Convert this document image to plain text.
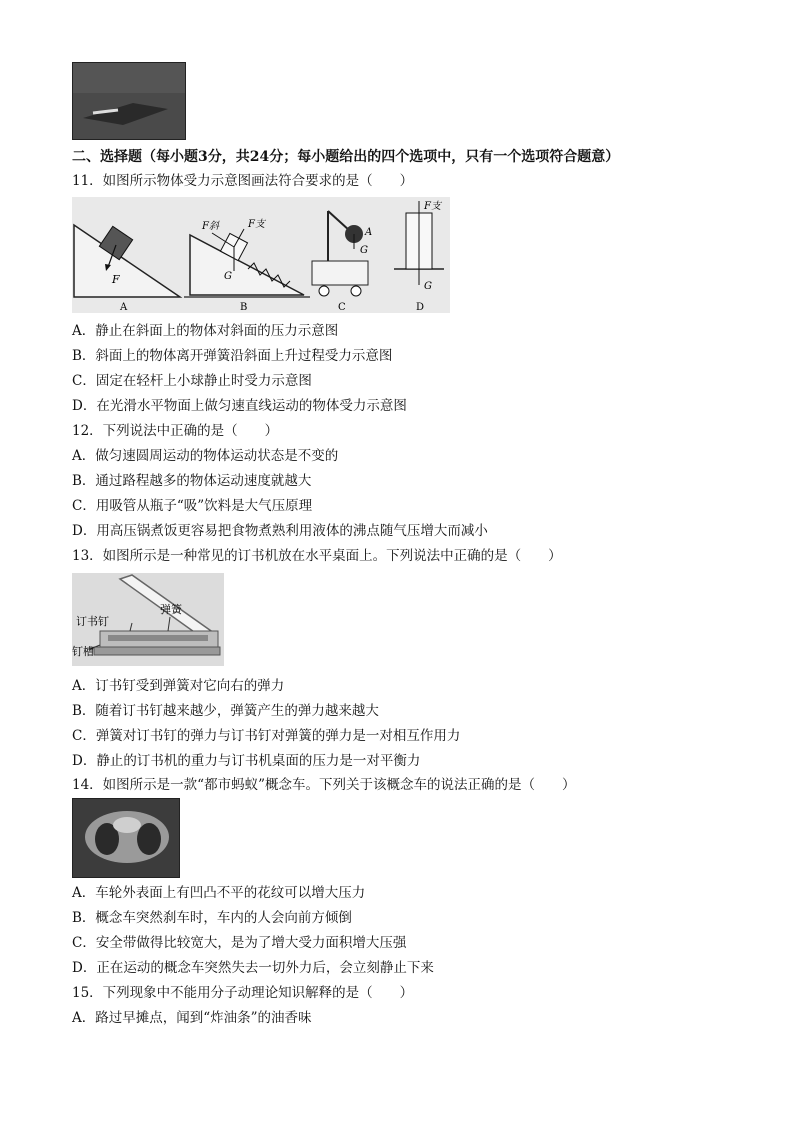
二、选择题（每小题3分，共24分；每小题给出的四个选项中，只有一个选项符合题意）
11．如图所示物体受力示意图画法符合要求的是（　　）
F
A
F斜	F支
G
B
A
G
C
F支
G
D
A．静止在斜面上的物体对斜面的压力示意图
B．斜面上的物体离开弹簧沿斜面上升过程受力示意图
C．固定在轻杆上小球静止时受力示意图
D．在光滑水平物面上做匀速直线运动的物体受力示意图
12．下列说法中正确的是（　　）
A．做匀速圆周运动的物体运动状态是不变的
B．通过路程越多的物体运动速度就越大
C．用吸管从瓶子“吸”饮料是大气压原理
D．用高压锅煮饭更容易把食物煮熟利用液体的沸点随气压增大而减小
13．如图所示是一种常见的订书机放在水平桌面上。下列说法中正确的是（　　）
订书钉
弹簧
钉槽
A．订书钉受到弹簧对它向右的弹力
B．随着订书钉越来越少，弹簧产生的弹力越来越大
C．弹簧对订书钉的弹力与订书钉对弹簧的弹力是一对相互作用力
D．静止的订书机的重力与订书机桌面的压力是一对平衡力
14．如图所示是一款“都市蚂蚁”概念车。下列关于该概念车的说法正确的是（　　）
A．车轮外表面上有凹凸不平的花纹可以增大压力
B．概念车突然刹车时，车内的人会向前方倾倒
C．安全带做得比较宽大，是为了增大受力面积增大压强
D．正在运动的概念车突然失去一切外力后，会立刻静止下来
15．下列现象中不能用分子动理论知识解释的是（　　）
A．路过早摊点，闻到“炸油条”的油香味
